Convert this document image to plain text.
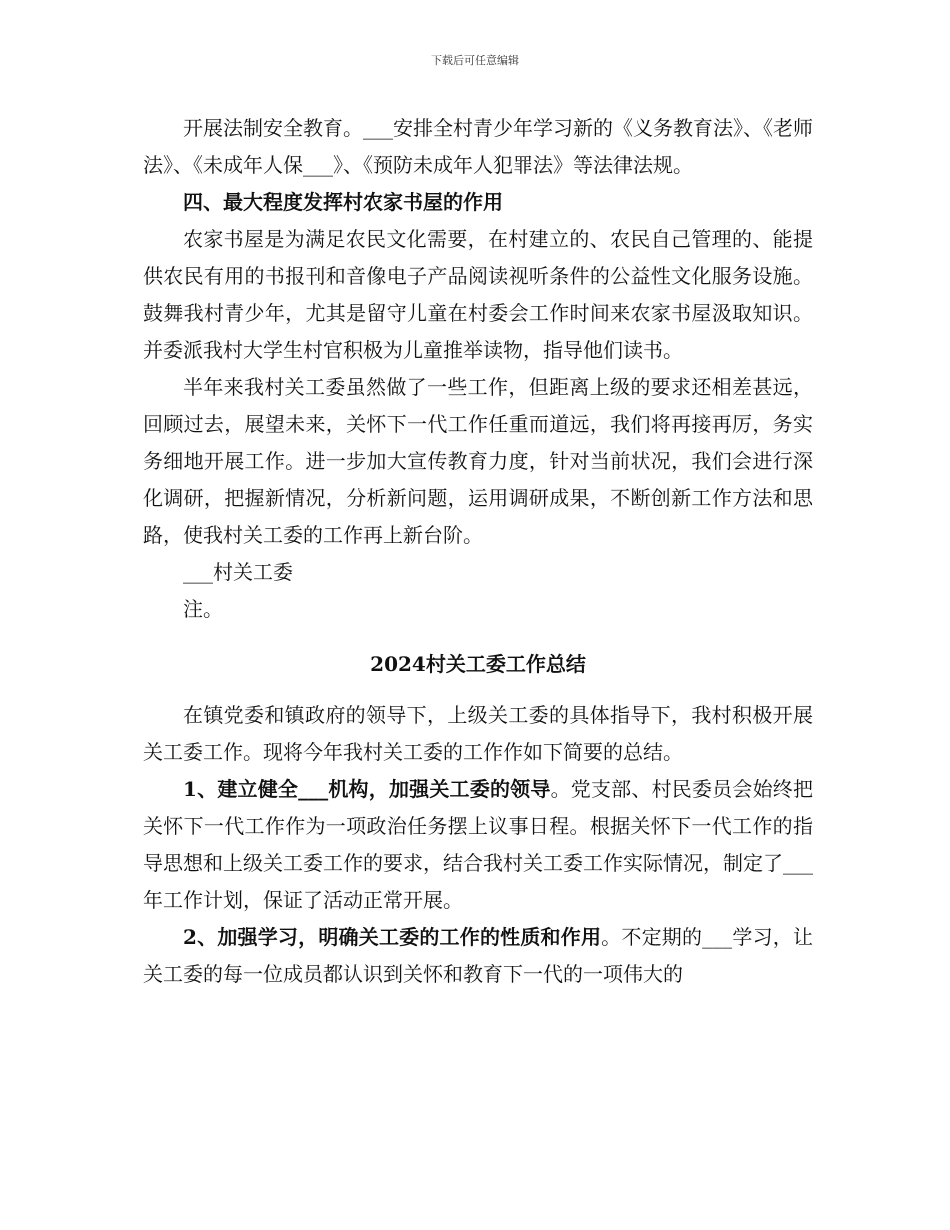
下载后可任意编辑

开展法制安全教育。___安排全村青少年学习新的《义务教育法》、《老师法》、《未成年人保___》、《预防未成年人犯罪法》等法律法规。

四、最大程度发挥村农家书屋的作用

农家书屋是为满足农民文化需要，在村建立的、农民自己管理的、能提供农民有用的书报刊和音像电子产品阅读视听条件的公益性文化服务设施。鼓舞我村青少年，尤其是留守儿童在村委会工作时间来农家书屋汲取知识。并委派我村大学生村官积极为儿童推举读物，指导他们读书。

半年来我村关工委虽然做了一些工作，但距离上级的要求还相差甚远，回顾过去，展望未来，关怀下一代工作任重而道远，我们将再接再厉，务实务细地开展工作。进一步加大宣传教育力度，针对当前状况，我们会进行深化调研，把握新情况，分析新问题，运用调研成果，不断创新工作方法和思路，使我村关工委的工作再上新台阶。

___村关工委

注。

2024村关工委工作总结

在镇党委和镇政府的领导下，上级关工委的具体指导下，我村积极开展关工委工作。现将今年我村关工委的工作作如下简要的总结。

1、建立健全___机构，加强关工委的领导。党支部、村民委员会始终把关怀下一代工作作为一项政治任务摆上议事日程。根据关怀下一代工作的指导思想和上级关工委工作的要求，结合我村关工委工作实际情况，制定了___年工作计划，保证了活动正常开展。

2、加强学习，明确关工委的工作的性质和作用。不定期的___学习，让关工委的每一位成员都认识到关怀和教育下一代的一项伟大的
